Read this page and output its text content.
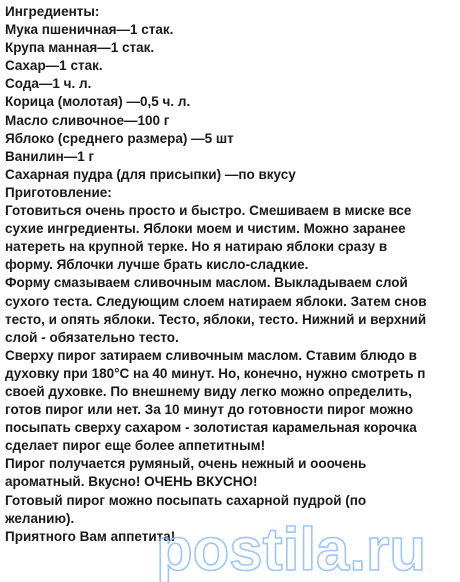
Ингредиенты:
Мука пшеничная—1 стак.
Крупа манная—1 стак.
Сахар—1 стак.
Сода—1 ч. л.
Корица (молотая) —0,5 ч. л.
Масло сливочное—100 г
Яблоко (среднего размера) —5 шт
Ванилин—1 г
Сахарная пудра (для присыпки) —по вкусу
Приготовление:
Готовиться очень просто и быстро. Смешиваем в миске все
сухие ингредиенты. Яблоки моем и чистим. Можно заранее
натереть на крупной терке. Но я натираю яблоки сразу в
форму. Яблочки лучше брать кисло-сладкие.
Форму смазываем сливочным маслом. Выкладываем слой
сухого теста. Следующим слоем натираем яблоки. Затем снов
тесто, и опять яблоки. Тесто, яблоки, тесто. Нижний и верхний
слой - обязательно тесто.
Сверху пирог затираем сливочным маслом. Ставим блюдо в
духовку при 180°С на 40 минут. Но, конечно, нужно смотреть п
своей духовке. По внешнему виду легко можно определить,
готов пирог или нет. За 10 минут до готовности пирог можно
посыпать сверху сахаром - золотистая карамельная корочка
сделает пирог еще более аппетитным!
Пирог получается румяный, очень нежный и ооочень
ароматный. Вкусно! ОЧЕНЬ ВКУСНО!
Готовый пирог можно посыпать сахарной пудрой (по
желанию).
Приятного Вам аппетита!
postila.ru
